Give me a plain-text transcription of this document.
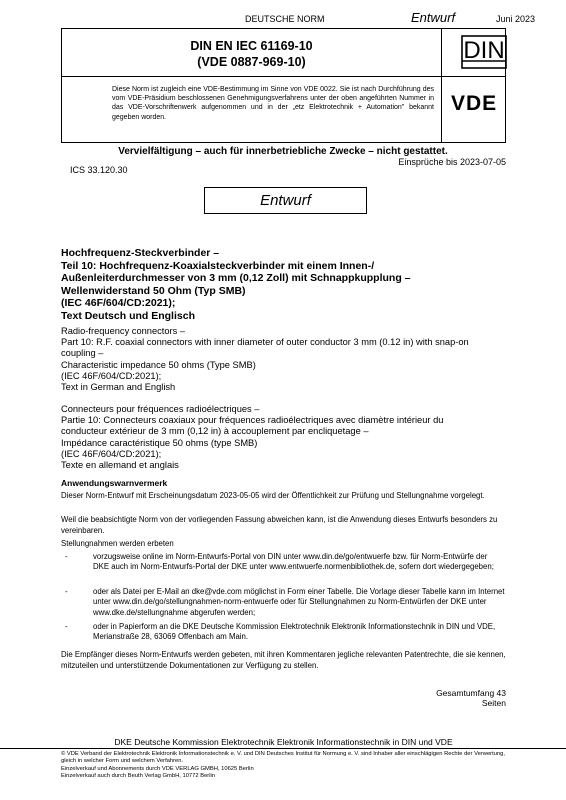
DEUTSCHE NORM	Entwurf	Juni 2023
DIN EN IEC 61169-10
(VDE 0887-969-10)	DIN
Diese Norm ist zugleich eine VDE-Bestimmung im Sinne von VDE 0022. Sie ist nach Durchführung des vom VDE-Präsidium beschlossenen Genehmigungsverfahrens unter der oben angeführten Nummer in das VDE-Vorschriftenwerk aufgenommen und in der „etz Elektrotechnik + Automation" bekannt gegeben worden.
VDE
Vervielfältigung – auch für innerbetriebliche Zwecke – nicht gestattet.
Einsprüche bis 2023-07-05
ICS 33.120.30
Entwurf
Hochfrequenz-Steckverbinder –
Teil 10: Hochfrequenz-Koaxialsteckverbinder mit einem Innen-/
Außenleiterdurchmesser von 3 mm (0,12 Zoll) mit Schnappkupplung –
Wellenwiderstand 50 Ohm (Typ SMB)
(IEC 46F/604/CD:2021);
Text Deutsch und Englisch
Radio-frequency connectors –
Part 10: R.F. coaxial connectors with inner diameter of outer conductor 3 mm (0.12 in) with snap-on
coupling –
Characteristic impedance 50 ohms (Type SMB)
(IEC 46F/604/CD:2021);
Text in German and English
Connecteurs pour fréquences radioélectriques –
Partie 10: Connecteurs coaxiaux pour fréquences radioélectriques avec diamètre intérieur du
conducteur extérieur de 3 mm (0,12 in) à accouplement par encliquetage –
Impédance caractéristique 50 ohms (type SMB)
(IEC 46F/604/CD:2021);
Texte en allemand et anglais
Anwendungswarnvermerk
Dieser Norm-Entwurf mit Erscheinungsdatum 2023-05-05 wird der Öffentlichkeit zur Prüfung und Stellungnahme vorgelegt.
Weil die beabsichtigte Norm von der vorliegenden Fassung abweichen kann, ist die Anwendung dieses Entwurfs besonders zu vereinbaren.
Stellungnahmen werden erbeten
-	vorzugsweise online im Norm-Entwurfs-Portal von DIN unter www.din.de/go/entwuerfe bzw. für Norm-Entwürfe der DKE auch im Norm-Entwurfs-Portal der DKE unter www.entwuerfe.normenbibliothek.de, sofern dort wiedergegeben;
-	oder als Datei per E-Mail an dke@vde.com möglichst in Form einer Tabelle. Die Vorlage dieser Tabelle kann im Internet unter www.din.de/go/stellungnahmen-norm-entwuerfe oder für Stellungnahmen zu Norm-Entwürfen der DKE unter www.dke.de/stellungnahme abgerufen werden;
-	oder in Papierform an die DKE Deutsche Kommission Elektrotechnik Elektronik Informationstechnik in DIN und VDE, Merianstraße 28, 63069 Offenbach am Main.
Die Empfänger dieses Norm-Entwurfs werden gebeten, mit ihren Kommentaren jegliche relevanten Patentrechte, die sie kennen, mitzuteilen und unterstützende Dokumentationen zur Verfügung zu stellen.
Gesamtumfang 43 Seiten
DKE Deutsche Kommission Elektrotechnik Elektronik Informationstechnik in DIN und VDE
© VDE Verband der Elektrotechnik Elektronik Informationstechnik e. V. und DIN Deutsches Institut für Normung e. V. sind Inhaber aller einschlägigen Rechte der Verwertung,
gleich in welcher Form und welchem Verfahren.
Einzelverkauf und Abonnements durch VDE VERLAG GMBH, 10625 Berlin
Einzelverkauf auch durch Beuth Verlag GmbH, 10772 Berlin
